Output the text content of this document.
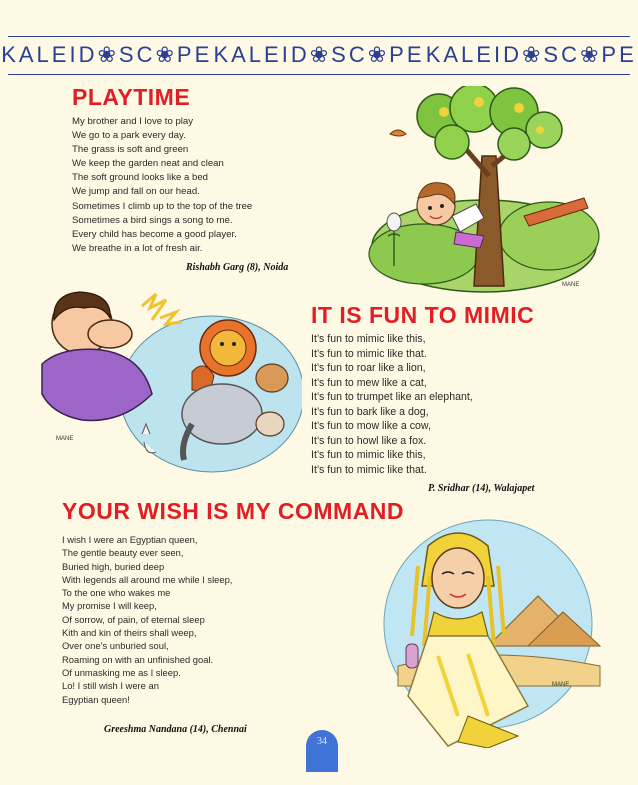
KALEID❀SC❀PE KALEID❀SC❀PE KALEID❀SC❀PE
PLAYTIME
My brother and I love to play
We go to a park every day.
The grass is soft and green
We keep the garden neat and clean
The soft ground looks like a bed
We jump and fall on our head.
Sometimes I climb up to the top of the tree
Sometimes a bird sings a song to me.
Every child has become a good player.
We breathe in a lot of fresh air.
Rishabh Garg (8), Noida
MANE
MANE
IT IS FUN TO MIMIC
It’s fun to mimic like this,
It’s fun to mimic like that.
It’s fun to roar like a lion,
It’s fun to mew like a cat,
It’s fun to trumpet like an elephant,
It’s fun to bark like a dog,
It’s fun to mow like a cow,
It’s fun to howl like a fox.
It’s fun to mimic like this,
It’s fun to mimic like that.
P. Sridhar (14), Walajapet
YOUR WISH IS MY COMMAND
I wish I were an Egyptian queen,
The gentle beauty ever seen,
Buried high, buried deep
With legends all around me while I sleep,
To the one who wakes me
My promise I will keep,
Of sorrow, of pain, of eternal sleep
Kith and kin of theirs shall weep,
Over one’s unburied soul,
Roaming on with an unfinished goal.
Of unmasking me as I sleep.
Lo! I still wish I were an
Egyptian queen!
Greeshma Nandana (14), Chennai
MANE
34
